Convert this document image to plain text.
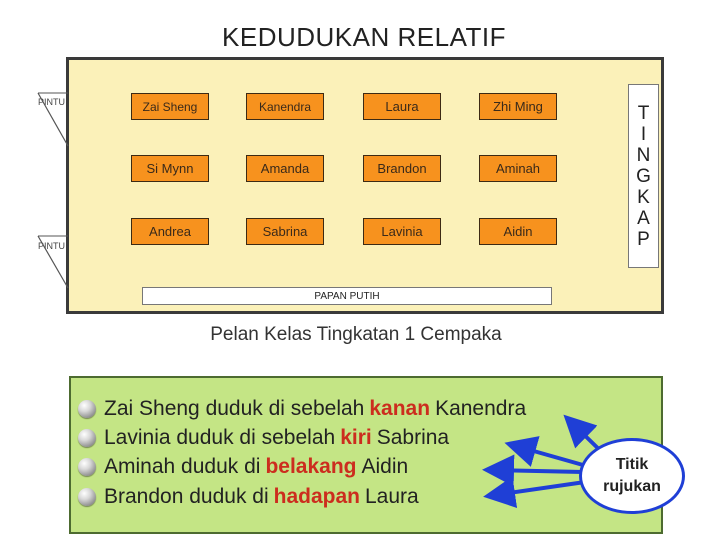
KEDUDUKAN RELATIF
PINTU
PINTU
Zai Sheng	Kanendra	Laura	Zhi Ming
Si Mynn	Amanda	Brandon	Aminah
Andrea	Sabrina	Lavinia	Aidin
T
I
N
G
K
A
P
PAPAN PUTIH
Pelan Kelas Tingkatan 1 Cempaka
Zai Sheng duduk di sebelah kanan Kanendra
Lavinia duduk di sebelah kiri Sabrina
Aminah duduk di belakang Aidin
Brandon duduk di hadapan Laura
Titik
rujukan
